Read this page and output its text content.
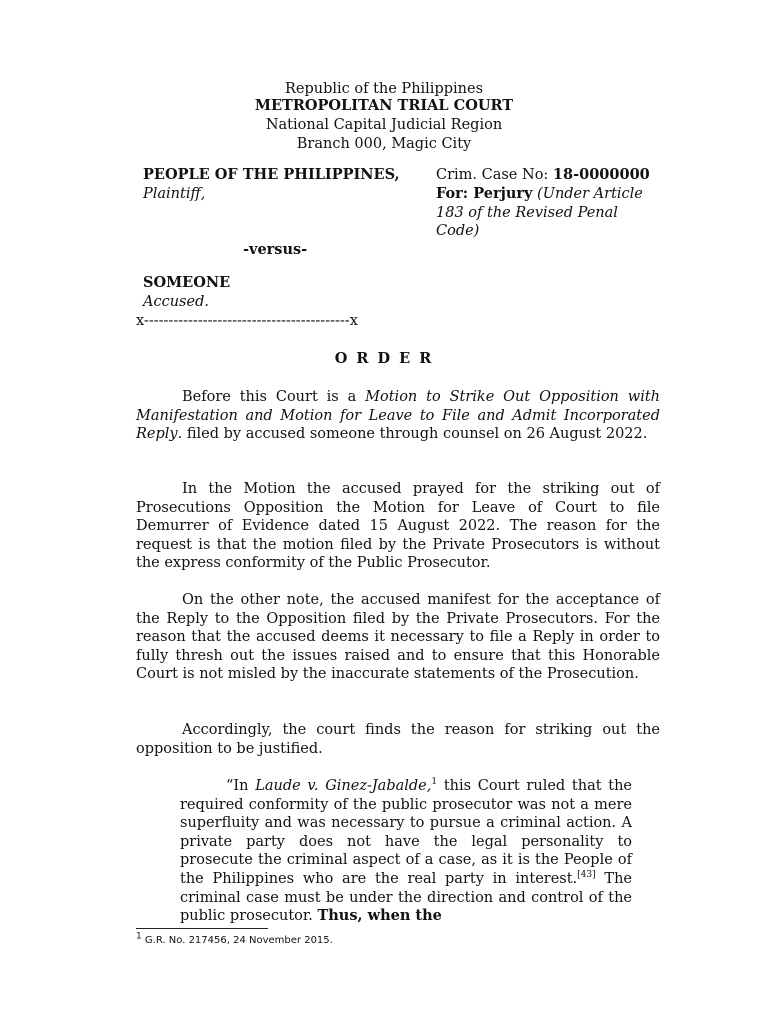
Republic of the Philippines
METROPOLITAN TRIAL COURT
National Capital Judicial Region
Branch 000, Magic City
PEOPLE OF THE PHILIPPINES,
Plaintiff,
-versus-
SOMEONE
Accused.
x------------------------------------------x
Crim. Case No: 18-0000000
For: Perjury (Under Article
183 of the Revised Penal
Code)
O R D E R
Before this Court is a Motion to Strike Out Opposition with Manifestation and Motion for Leave to File and Admit Incorporated Reply. filed by accused someone through counsel on 26 August 2022.
In the Motion the accused prayed for the striking out of Prosecutions Opposition the Motion for Leave of Court to file Demurrer of Evidence dated 15 August 2022. The reason for the request is that the motion filed by the Private Prosecutors is without the express conformity of the Public Prosecutor.
On the other note, the accused manifest for the acceptance of the Reply to the Opposition filed by the Private Prosecutors. For the reason that the accused deems it necessary to file a Reply in order to fully thresh out the issues raised and to ensure that this Honorable Court is not misled by the inaccurate statements of the Prosecution.
Accordingly, the court finds the reason for striking out the opposition to be justified.
“In Laude v. Ginez-Jabalde,$^1$ this Court ruled that the required conformity of the public prosecutor was not a mere superfluity and was necessary to pursue a criminal action. A private party does not have the legal personality to prosecute the criminal aspect of a case, as it is the People of the Philippines who are the real party in interest.[43] The criminal case must be under the direction and control of the public prosecutor. Thus, when the
1 G.R. No. 217456, 24 November 2015.
